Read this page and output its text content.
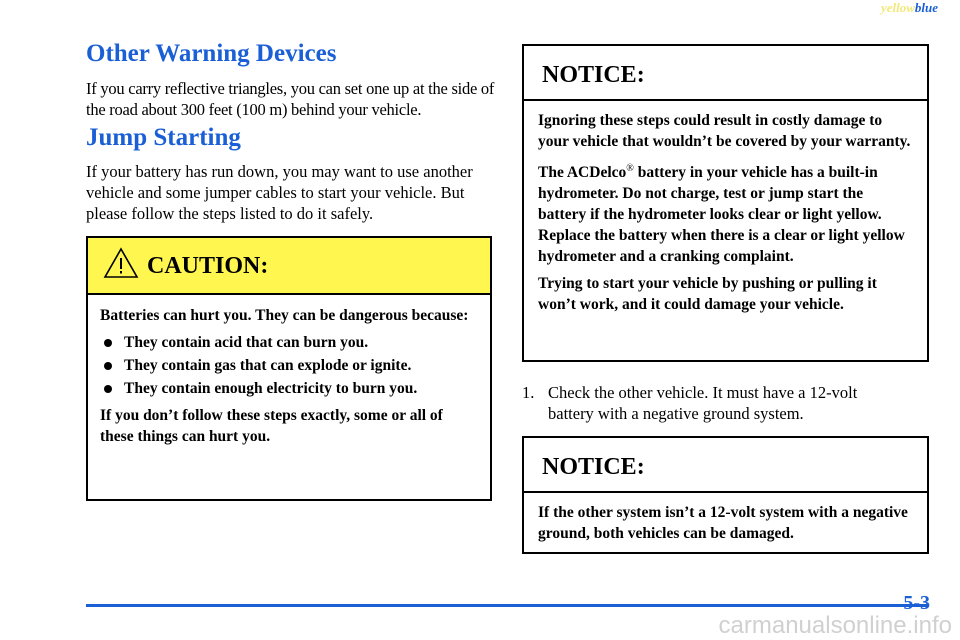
yellowblue
Other Warning Devices
If you carry reflective triangles, you can set one up at the side of the road about 300 feet (100 m) behind your vehicle.
Jump Starting
If your battery has run down, you may want to use another vehicle and some jumper cables to start your vehicle. But please follow the steps listed to do it safely.
CAUTION:

Batteries can hurt you. They can be dangerous because:

They contain acid that can burn you.
They contain gas that can explode or ignite.
They contain enough electricity to burn you.

If you don’t follow these steps exactly, some or all of these things can hurt you.

NOTICE:

Ignoring these steps could result in costly damage to your vehicle that wouldn’t be covered by your warranty.

The ACDelco® battery in your vehicle has a built-in hydrometer. Do not charge, test or jump start the battery if the hydrometer looks clear or light yellow. Replace the battery when there is a clear or light yellow hydrometer and a cranking complaint.

Trying to start your vehicle by pushing or pulling it won’t work, and it could damage your vehicle.

1. Check the other vehicle. It must have a 12-volt
battery with a negative ground system.
NOTICE:

If the other system isn’t a 12-volt system with a negative ground, both vehicles can be damaged.

5-3
carmanualsonline.info
